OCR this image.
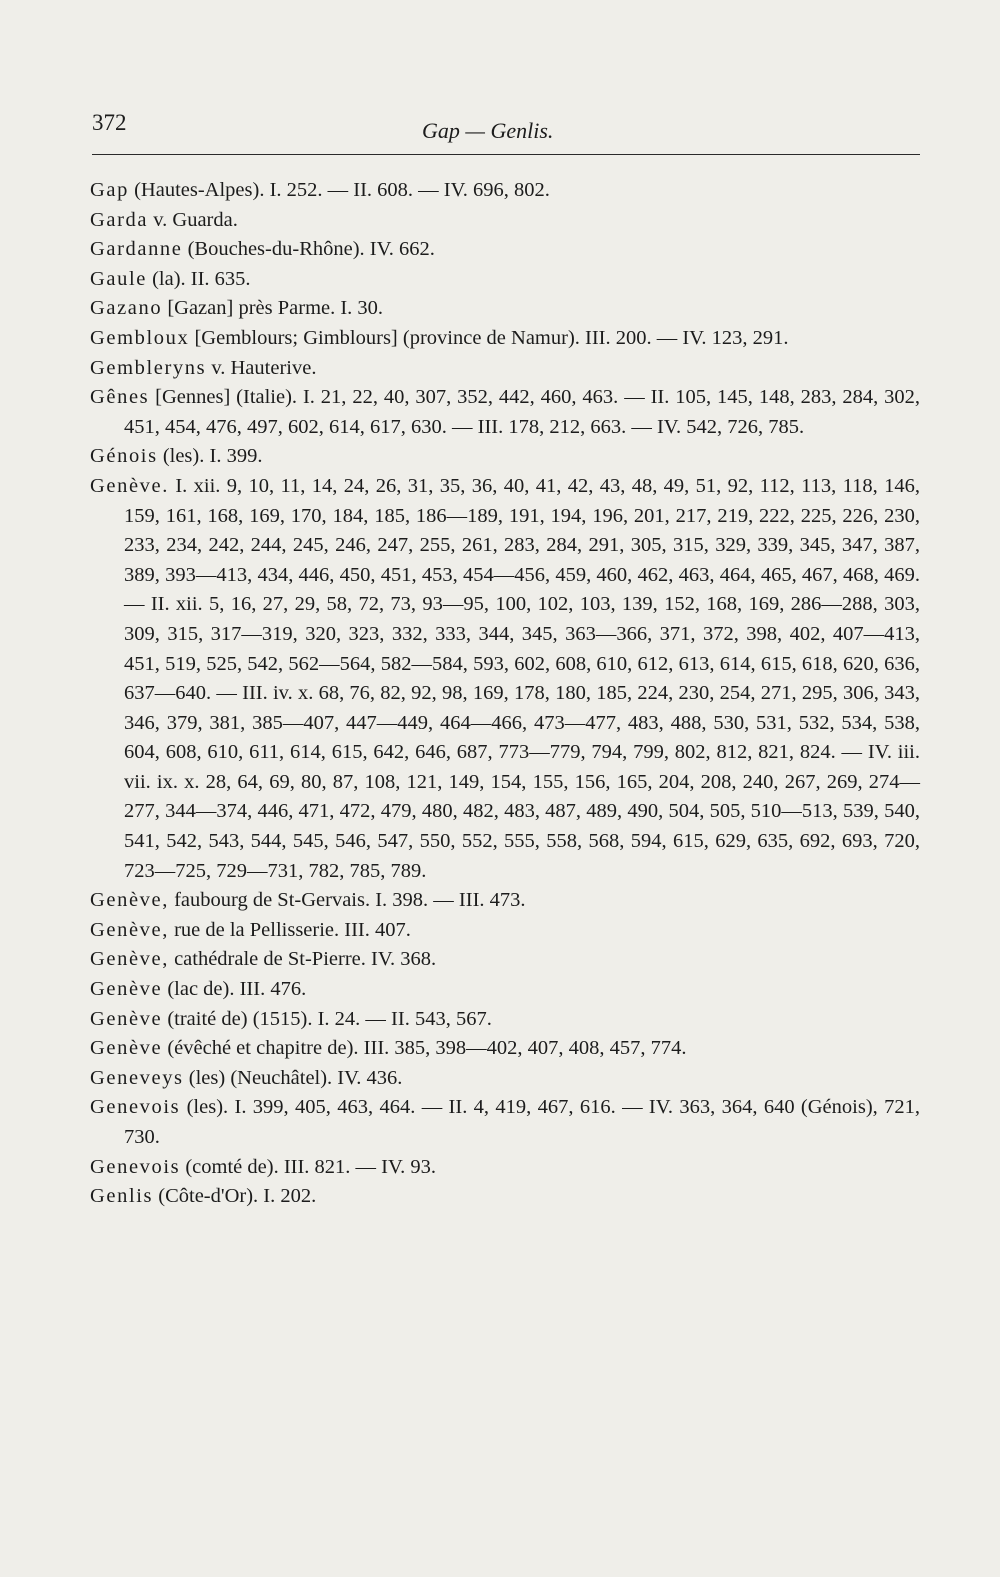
372	Gap — Genlis.

Gap (Hautes-Alpes). I. 252. — II. 608. — IV. 696, 802.

Garda v. Guarda.

Gardanne (Bouches-du-Rhône). IV. 662.

Gaule (la). II. 635.

Gazano [Gazan] près Parme. I. 30.

Gembloux [Gemblours; Gimblours] (province de Namur). III. 200. — IV. 123, 291.

Gembleryns v. Hauterive.

Gênes [Gennes] (Italie). I. 21, 22, 40, 307, 352, 442, 460, 463. — II. 105, 145, 148, 283, 284, 302, 451, 454, 476, 497, 602, 614, 617, 630. — III. 178, 212, 663. — IV. 542, 726, 785.

Génois (les). I. 399.

Genève. I. xii. 9, 10, 11, 14, 24, 26, 31, 35, 36, 40, 41, 42, 43, 48, 49, 51, 92, 112, 113, 118, 146, 159, 161, 168, 169, 170, 184, 185, 186—189, 191, 194, 196, 201, 217, 219, 222, 225, 226, 230, 233, 234, 242, 244, 245, 246, 247, 255, 261, 283, 284, 291, 305, 315, 329, 339, 345, 347, 387, 389, 393—413, 434, 446, 450, 451, 453, 454—456, 459, 460, 462, 463, 464, 465, 467, 468, 469. — II. xii. 5, 16, 27, 29, 58, 72, 73, 93—95, 100, 102, 103, 139, 152, 168, 169, 286—288, 303, 309, 315, 317—319, 320, 323, 332, 333, 344, 345, 363—366, 371, 372, 398, 402, 407—413, 451, 519, 525, 542, 562—564, 582—584, 593, 602, 608, 610, 612, 613, 614, 615, 618, 620, 636, 637—640. — III. iv. x. 68, 76, 82, 92, 98, 169, 178, 180, 185, 224, 230, 254, 271, 295, 306, 343, 346, 379, 381, 385—407, 447—449, 464—466, 473—477, 483, 488, 530, 531, 532, 534, 538, 604, 608, 610, 611, 614, 615, 642, 646, 687, 773—779, 794, 799, 802, 812, 821, 824. — IV. iii. vii. ix. x. 28, 64, 69, 80, 87, 108, 121, 149, 154, 155, 156, 165, 204, 208, 240, 267, 269, 274—277, 344—374, 446, 471, 472, 479, 480, 482, 483, 487, 489, 490, 504, 505, 510—513, 539, 540, 541, 542, 543, 544, 545, 546, 547, 550, 552, 555, 558, 568, 594, 615, 629, 635, 692, 693, 720, 723—725, 729—731, 782, 785, 789.

Genève, faubourg de St-Gervais. I. 398. — III. 473.

Genève, rue de la Pellisserie. III. 407.

Genève, cathédrale de St-Pierre. IV. 368.

Genève (lac de). III. 476.

Genève (traité de) (1515). I. 24. — II. 543, 567.

Genève (évêché et chapitre de). III. 385, 398—402, 407, 408, 457, 774.

Geneveys (les) (Neuchâtel). IV. 436.

Genevois (les). I. 399, 405, 463, 464. — II. 4, 419, 467, 616. — IV. 363, 364, 640 (Génois), 721, 730.

Genevois (comté de). III. 821. — IV. 93.

Genlis (Côte-d'Or). I. 202.
